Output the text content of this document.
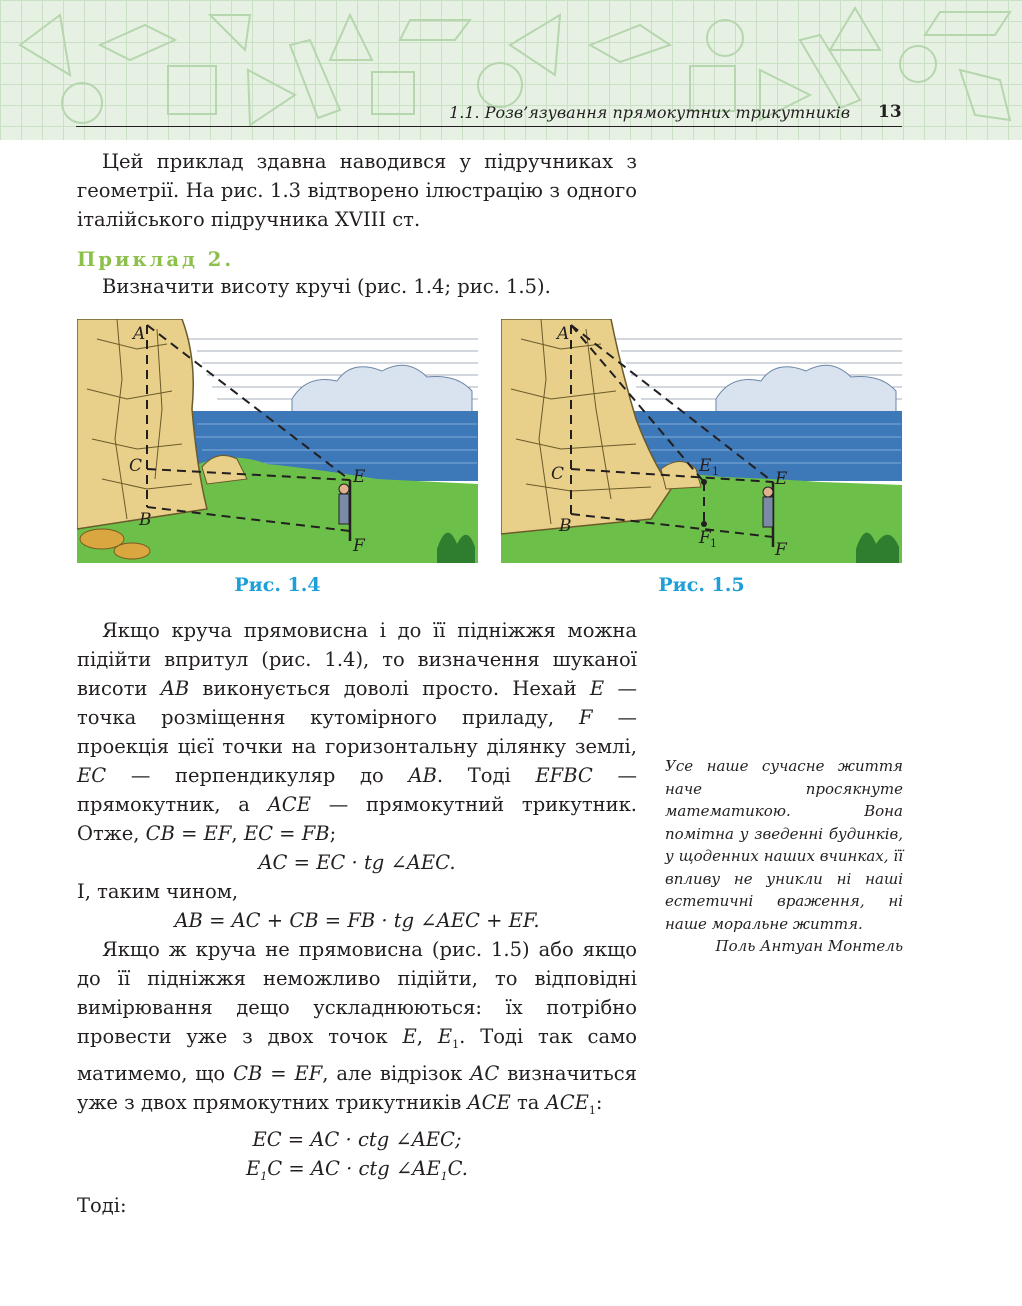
1.1. Розв’язування прямокутних трикутників 13

Цей приклад здавна наводився у підручниках з геометрії. На рис. 1.3 відтворено ілюстрацію з одного італійського підручника XVIII ст.

Приклад 2.
Визначити висоту кручі (рис. 1.4; рис. 1.5).
A
C
B
E
F
Рис. 1.4
A
C
B
E
F
E 1
F 1
Рис. 1.5

Якщо круча прямовисна і до її підніжжя можна підійти впритул (рис. 1.4), то визначення шуканої висоти AB виконується доволі просто. Нехай E — точка розміщення кутомірного приладу, F — проекція цієї точки на горизонтальну ділянку землі, EC — перпендикуляр до AB. Тоді EFBC — прямокутник, а ACE — прямокутний трикутник. Отже, CB = EF, EC = FB;

AC = EC · tg ∠AEC.

І, таким чином,

AB = AC + CB = FB · tg ∠AEC + EF.

Якщо ж круча не прямовисна (рис. 1.5) або якщо до її підніжжя неможливо підійти, то відповідні вимірювання дещо ускладнюються: їх потрібно провести уже з двох точок E, $E_1$. Тоді так само матимемо, що CB = EF, але відрізок AC визначиться уже з двох прямокутних трикутників ACE та $ACE_1$:

EC = AC · ctg ∠AEC;

$E_1C$ = AC · ctg $\angle AE_1C$.

Тоді:

Усе наше сучасне життя наче просякнуте математикою. Вона помітна у зведенні будинків, у щоденних наших вчинках, її впливу не уникли ні наші естетичні враження, ні наше моральне життя.
Поль Антуан Монтель
